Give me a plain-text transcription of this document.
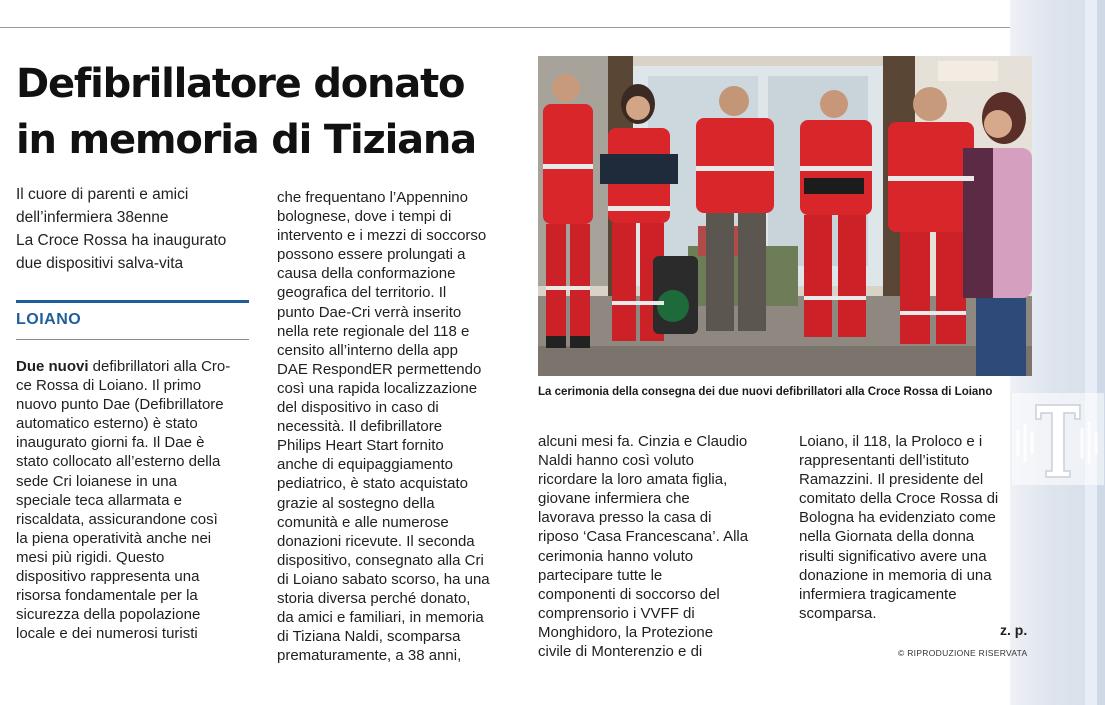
Defibrillatore donato
in memoria di Tiziana

Il cuore di parenti e amici

dell’infermiera 38enne

La Croce Rossa ha inaugurato

due dispositivi salva-vita

LOIANO
Due nuovi defibrillatori alla Cro-
ce Rossa di Loiano. Il primo
nuovo punto Dae (Defibrillatore
automatico esterno) è stato
inaugurato giorni fa. Il Dae è
stato collocato all’esterno della
sede Cri loianese in una
speciale teca allarmata e
riscaldata, assicurandone così
la piena operatività anche nei
mesi più rigidi. Questo
dispositivo rappresenta una
risorsa fondamentale per la
sicurezza della popolazione
locale e dei numerosi turisti
che frequentano l’Appennino
bolognese, dove i tempi di
intervento e i mezzi di soccorso
possono essere prolungati a
causa della conformazione
geografica del territorio. Il
punto Dae-Cri verrà inserito
nella rete regionale del 118 e
censito all’interno della app
DAE RespondER permettendo
così una rapida localizzazione
del dispositivo in caso di
necessità. Il defibrillatore
Philips Heart Start fornito
anche di equipaggiamento
pediatrico, è stato acquistato
grazie al sostegno della
comunità e alle numerose
donazioni ricevute. Il seconda
dispositivo, consegnato alla Cri
di Loiano sabato scorso, ha una
storia diversa perché donato,
da amici e familiari, in memoria
di Tiziana Naldi, scomparsa
prematuramente, a 38 anni,
La cerimonia della consegna dei due nuovi defibrillatori alla Croce Rossa di Loiano
alcuni mesi fa. Cinzia e Claudio
Naldi hanno così voluto
ricordare la loro amata figlia,
giovane infermiera che
lavorava presso la casa di
riposo ‘Casa Francescana’. Alla
cerimonia hanno voluto
partecipare tutte le
componenti di soccorso del
comprensorio i VVFF di
Monghidoro, la Protezione
civile di Monterenzio e di
Loiano, il 118, la Proloco e i
rappresentanti dell’istituto
Ramazzini. Il presidente del
comitato della Croce Rossa di
Bologna ha evidenziato come
nella Giornata della donna
risulti significativo avere una
donazione in memoria di una
infermiera tragicamente
scomparsa.
z. p.
© RIPRODUZIONE RISERVATA
